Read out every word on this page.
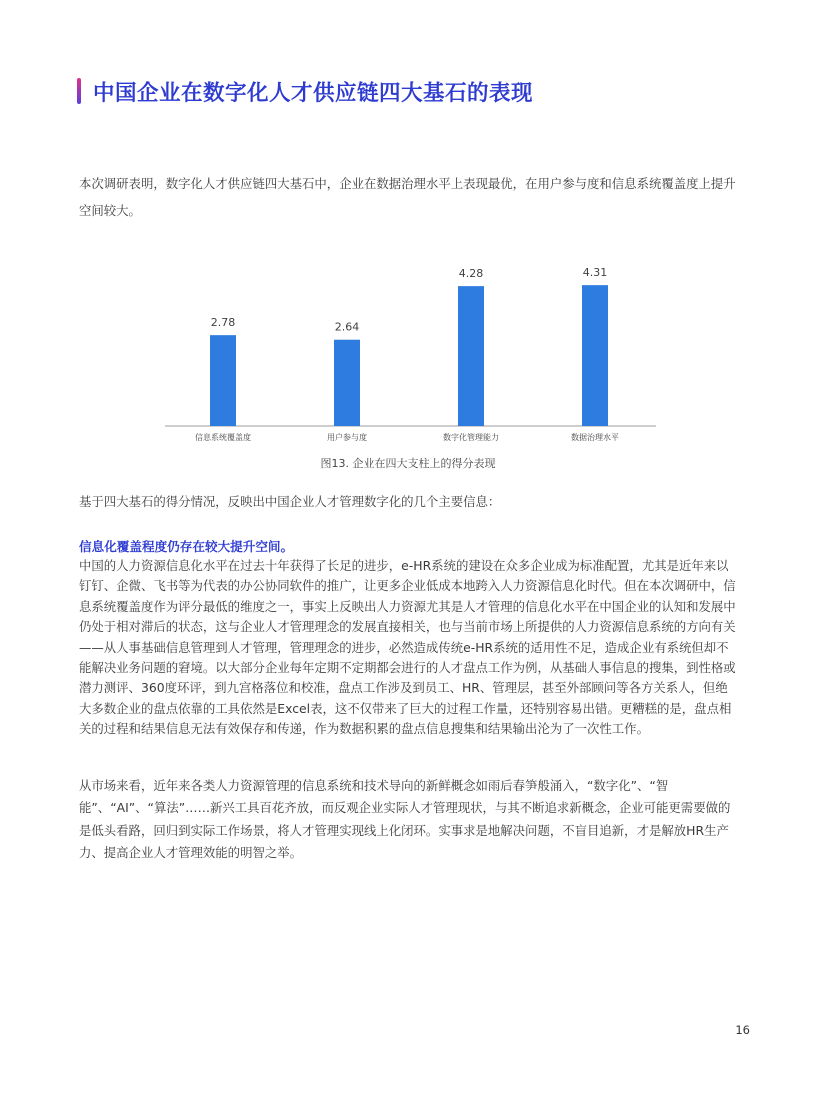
中国企业在数字化人才供应链四大基石的表现

本次调研表明，数字化人才供应链四大基石中，企业在数据治理水平上表现最优，在用户参与度和信息系统覆盖度上提升空间较大。

2.78
信息系统覆盖度
2.64
用户参与度
4.28
数字化管理能力
4.31
数据治理水平

图13. 企业在四大支柱上的得分表现

基于四大基石的得分情况，反映出中国企业人才管理数字化的几个主要信息：

信息化覆盖程度仍存在较大提升空间。

中国的人力资源信息化水平在过去十年获得了长足的进步，e-HR系统的建设在众多企业成为标准配置，尤其是近年来以钉钉、企微、飞书等为代表的办公协同软件的推广，让更多企业低成本地跨入人力资源信息化时代。但在本次调研中，信息系统覆盖度作为评分最低的维度之一，事实上反映出人力资源尤其是人才管理的信息化水平在中国企业的认知和发展中仍处于相对滞后的状态，这与企业人才管理理念的发展直接相关，也与当前市场上所提供的人力资源信息系统的方向有关——从人事基础信息管理到人才管理，管理理念的进步，必然造成传统e-HR系统的适用性不足，造成企业有系统但却不能解决业务问题的窘境。以大部分企业每年定期不定期都会进行的人才盘点工作为例，从基础人事信息的搜集，到性格或潜力测评、360度环评，到九宫格落位和校准，盘点工作涉及到员工、HR、管理层，甚至外部顾问等各方关系人，但绝大多数企业的盘点依靠的工具依然是Excel表，这不仅带来了巨大的过程工作量，还特别容易出错。更糟糕的是，盘点相关的过程和结果信息无法有效保存和传递，作为数据积累的盘点信息搜集和结果输出沦为了一次性工作。

从市场来看，近年来各类人力资源管理的信息系统和技术导向的新鲜概念如雨后春笋般涌入，“数字化”、“智能”、“AI”、“算法”……新兴工具百花齐放，而反观企业实际人才管理现状，与其不断追求新概念，企业可能更需要做的是低头看路，回归到实际工作场景，将人才管理实现线上化闭环。实事求是地解决问题，不盲目追新，才是解放HR生产力、提高企业人才管理效能的明智之举。

16
